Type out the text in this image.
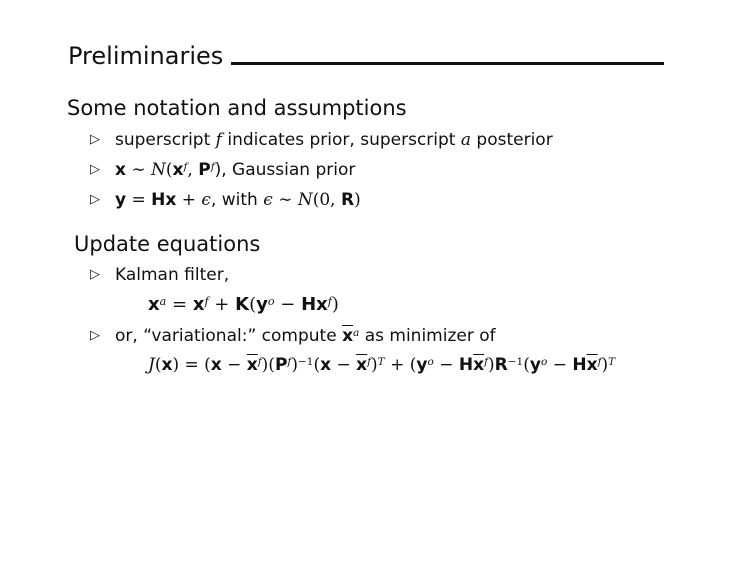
Preliminaries
Some notation and assumptions
▷ superscript f indicates prior, superscript a posterior
▷ x ∼ $N(x^f$, $P^f$), Gaussian prior
▷ y = Hx + ϵ, with ϵ ∼ N(0, R)
Update equations
▷ Kalman filter,
$x^a = x^f + K(y^o - Hx^f)$
▷ or, “variational:” compute $\overline{x}^a$ as minimizer of
$J(x) = (x - \overline{x}^f)(P^f)^{-1}(x - \overline{x}^f)^T + (y^o - H\overline{x}^f)R^{-1}(y^o - H\overline{x}^f)^T$
